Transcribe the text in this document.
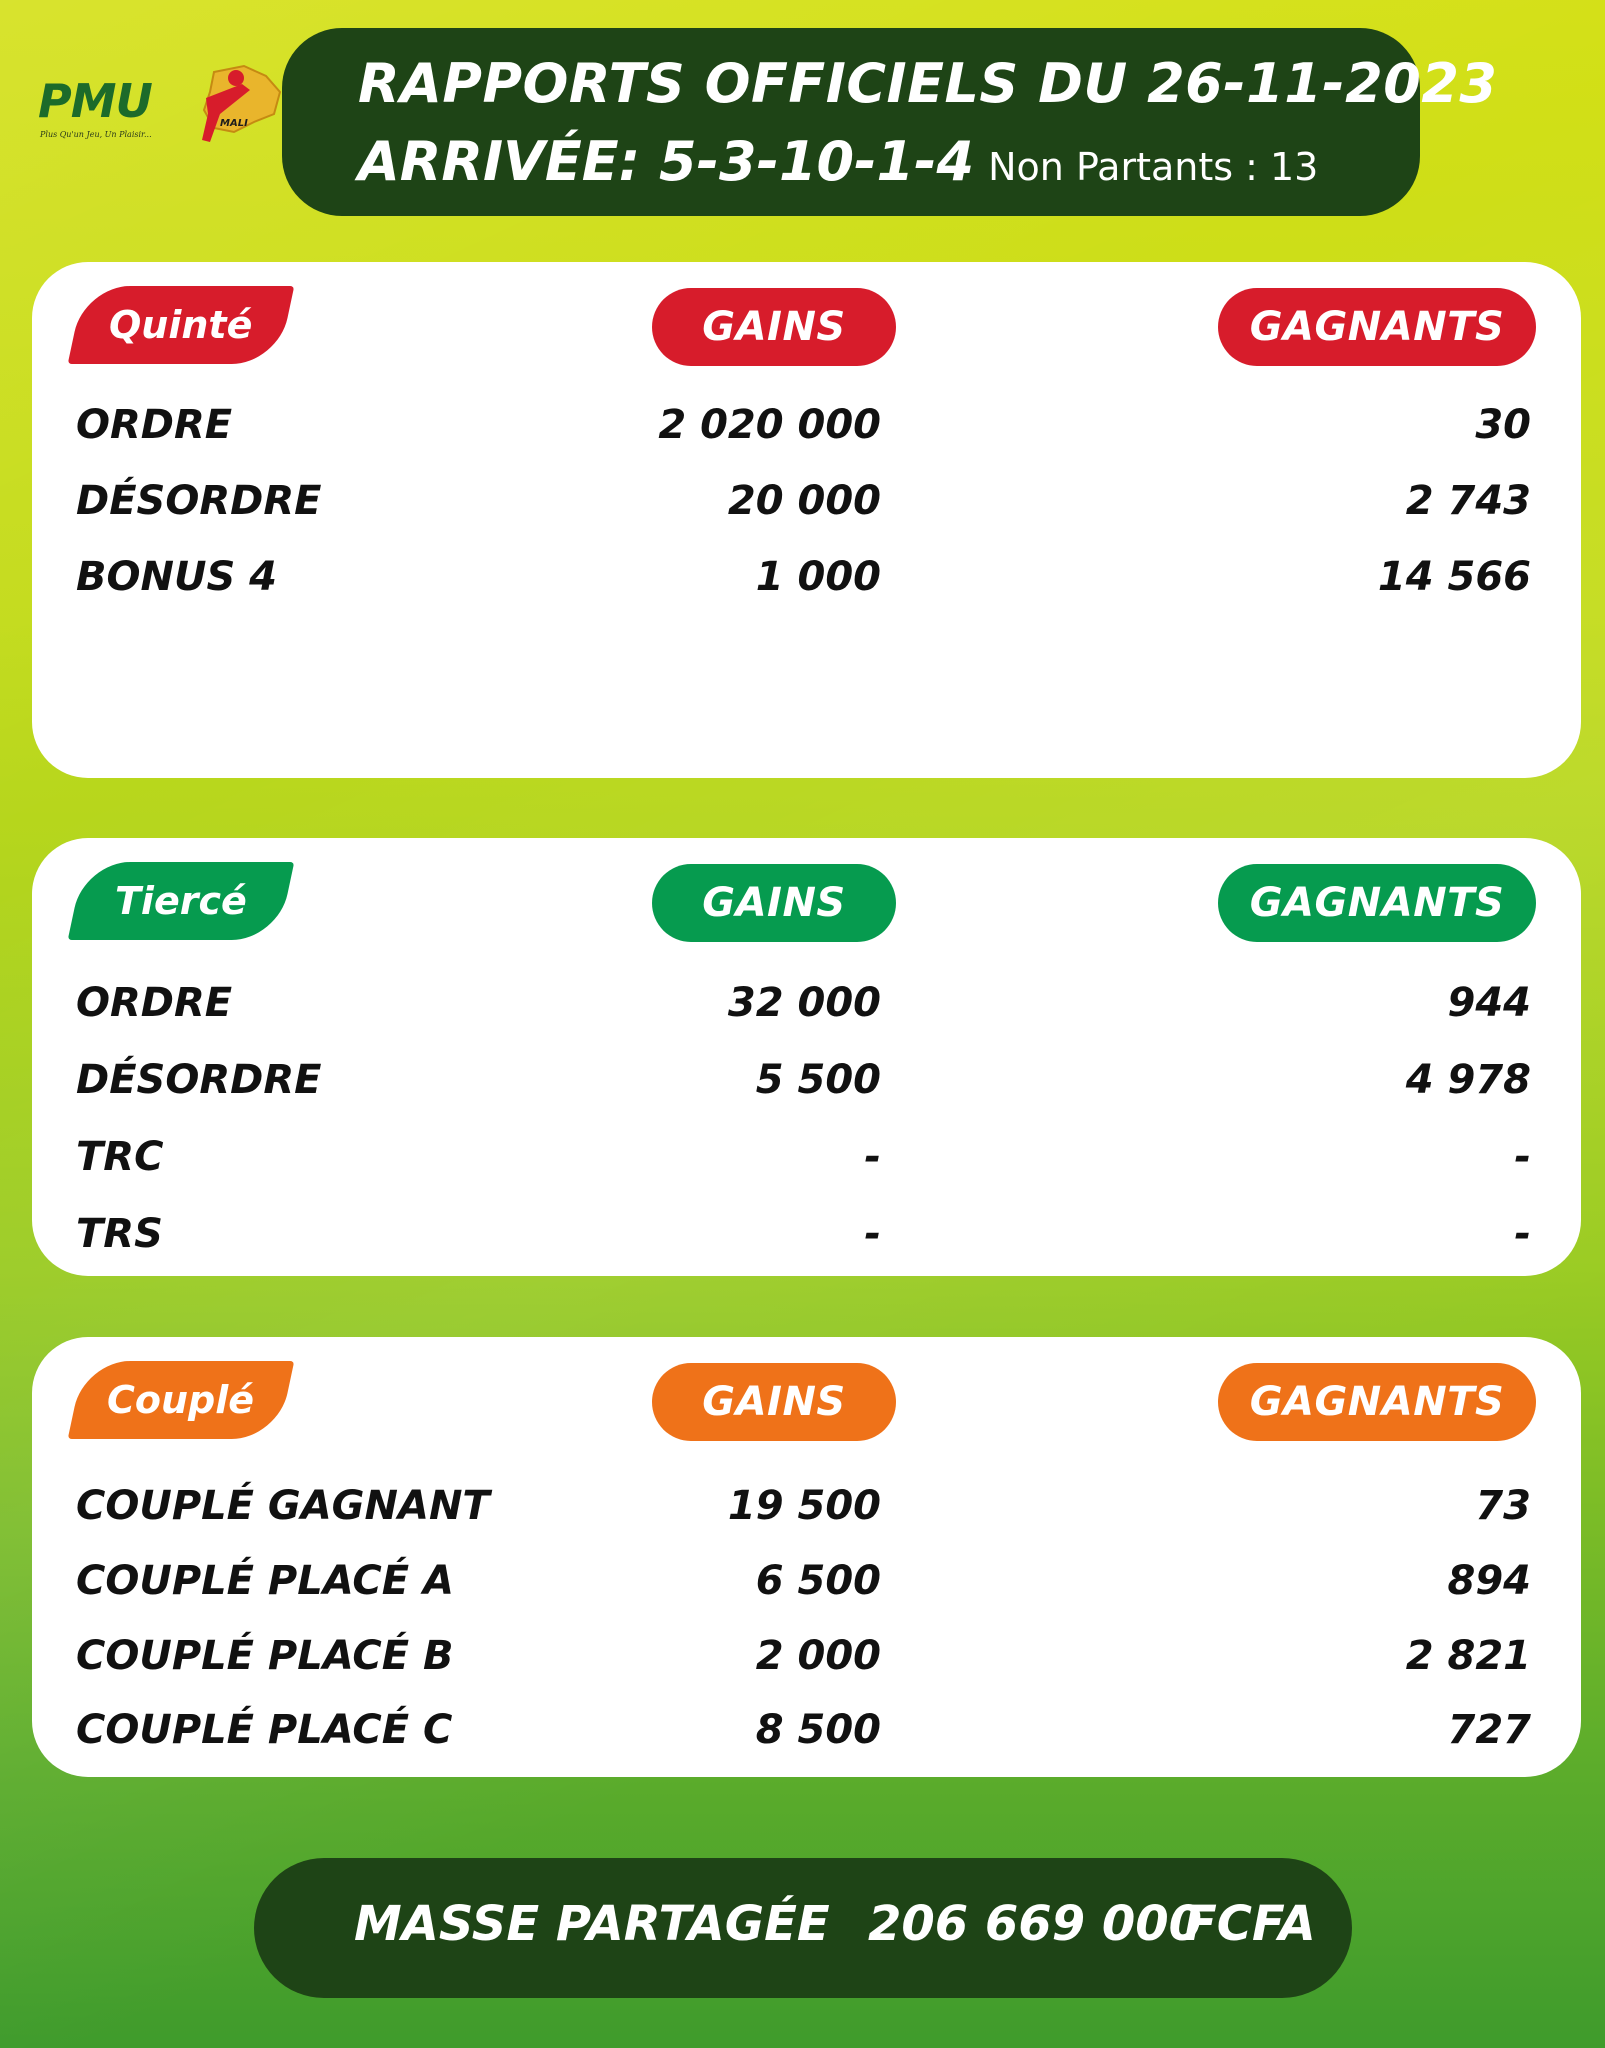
PMU
Plus Qu'un Jeu, Un Plaisir...
MALI
RAPPORTS OFFICIELS DU 26-11-2023
ARRIVÉE: 5-3-10-1-4 Non Partants : 13
Quinté	GAINS	GAGNANTS
ORDRE	2 020 000	30
DÉSORDRE	20 000	2 743
BONUS 4	1 000	14 566
Tiercé	GAINS	GAGNANTS
ORDRE	32 000	944
DÉSORDRE	5 500	4 978
TRC	-	-
TRS	-	-
Couplé	GAINS	GAGNANTS
COUPLÉ GAGNANT	19 500	73
COUPLÉ PLACÉ A	6 500	894
COUPLÉ PLACÉ B	2 000	2 821
COUPLÉ PLACÉ C	8 500	727
MASSE PARTAGÉE 206 669 000
FCFA
